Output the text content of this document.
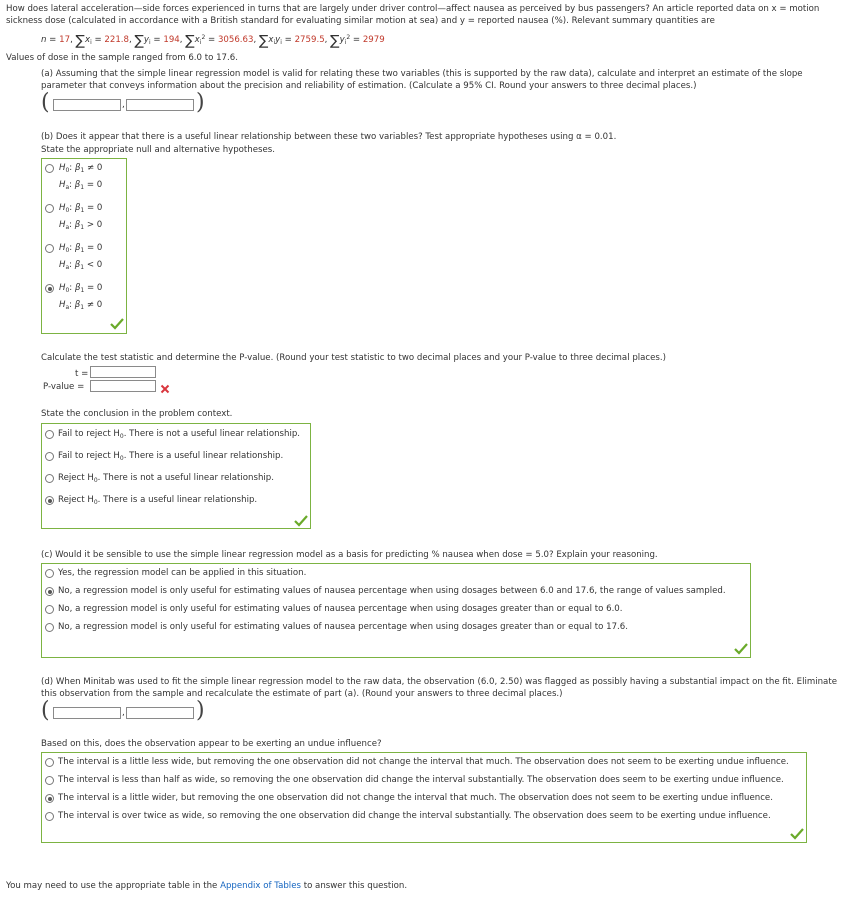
How does lateral acceleration—side forces experienced in turns that are largely under driver control—affect nausea as perceived by bus passengers? An article reported data on x = motion
sickness dose (calculated in accordance with a British standard for evaluating similar motion at sea) and y = reported nausea (%). Relevant summary quantities are
n = 17, $\sum x_i = 221.8$, $\sum y_i = 194$, $\sum x_i^2 = 3056.63$, $\sum x_iy_i = 2759.5$, $\sum y_i^2 = 2979$
Values of dose in the sample ranged from 6.0 to 17.6.
(a) Assuming that the simple linear regression model is valid for relating these two variables (this is supported by the raw data), calculate and interpret an estimate of the slope
parameter that conveys information about the precision and reliability of estimation. (Calculate a 95% CI. Round your answers to three decimal places.)
(	,	)
(b) Does it appear that there is a useful linear relationship between these two variables? Test appropriate hypotheses using α = 0.01.
State the appropriate null and alternative hypotheses.
$H_0$: $\beta_1 \ne 0$
$H_a$: $\beta_1 = 0$
$H_0$: $\beta_1 = 0$
$H_a$: $\beta_1 > 0$
$H_0$: $\beta_1 = 0$
$H_a$: $\beta_1 < 0$
$H_0$: $\beta_1 = 0$
$H_a$: $\beta_1 \ne 0$
Calculate the test statistic and determine the P-value. (Round your test statistic to two decimal places and your P-value to three decimal places.)
t =
P-value =
State the conclusion in the problem context.
Fail to reject $H_0$. There is not a useful linear relationship.
Fail to reject $H_0$. There is a useful linear relationship.
Reject $H_0$. There is not a useful linear relationship.
Reject $H_0$. There is a useful linear relationship.
(c) Would it be sensible to use the simple linear regression model as a basis for predicting % nausea when dose = 5.0? Explain your reasoning.
Yes, the regression model can be applied in this situation.
No, a regression model is only useful for estimating values of nausea percentage when using dosages between 6.0 and 17.6, the range of values sampled.
No, a regression model is only useful for estimating values of nausea percentage when using dosages greater than or equal to 6.0.
No, a regression model is only useful for estimating values of nausea percentage when using dosages greater than or equal to 17.6.
(d) When Minitab was used to fit the simple linear regression model to the raw data, the observation (6.0, 2.50) was flagged as possibly having a substantial impact on the fit. Eliminate
this observation from the sample and recalculate the estimate of part (a). (Round your answers to three decimal places.)
(	,	)
Based on this, does the observation appear to be exerting an undue influence?
The interval is a little less wide, but removing the one observation did not change the interval that much. The observation does not seem to be exerting undue influence.
The interval is less than half as wide, so removing the one observation did change the interval substantially. The observation does seem to be exerting undue influence.
The interval is a little wider, but removing the one observation did not change the interval that much. The observation does not seem to be exerting undue influence.
The interval is over twice as wide, so removing the one observation did change the interval substantially. The observation does seem to be exerting undue influence.
You may need to use the appropriate table in the Appendix of Tables to answer this question.
